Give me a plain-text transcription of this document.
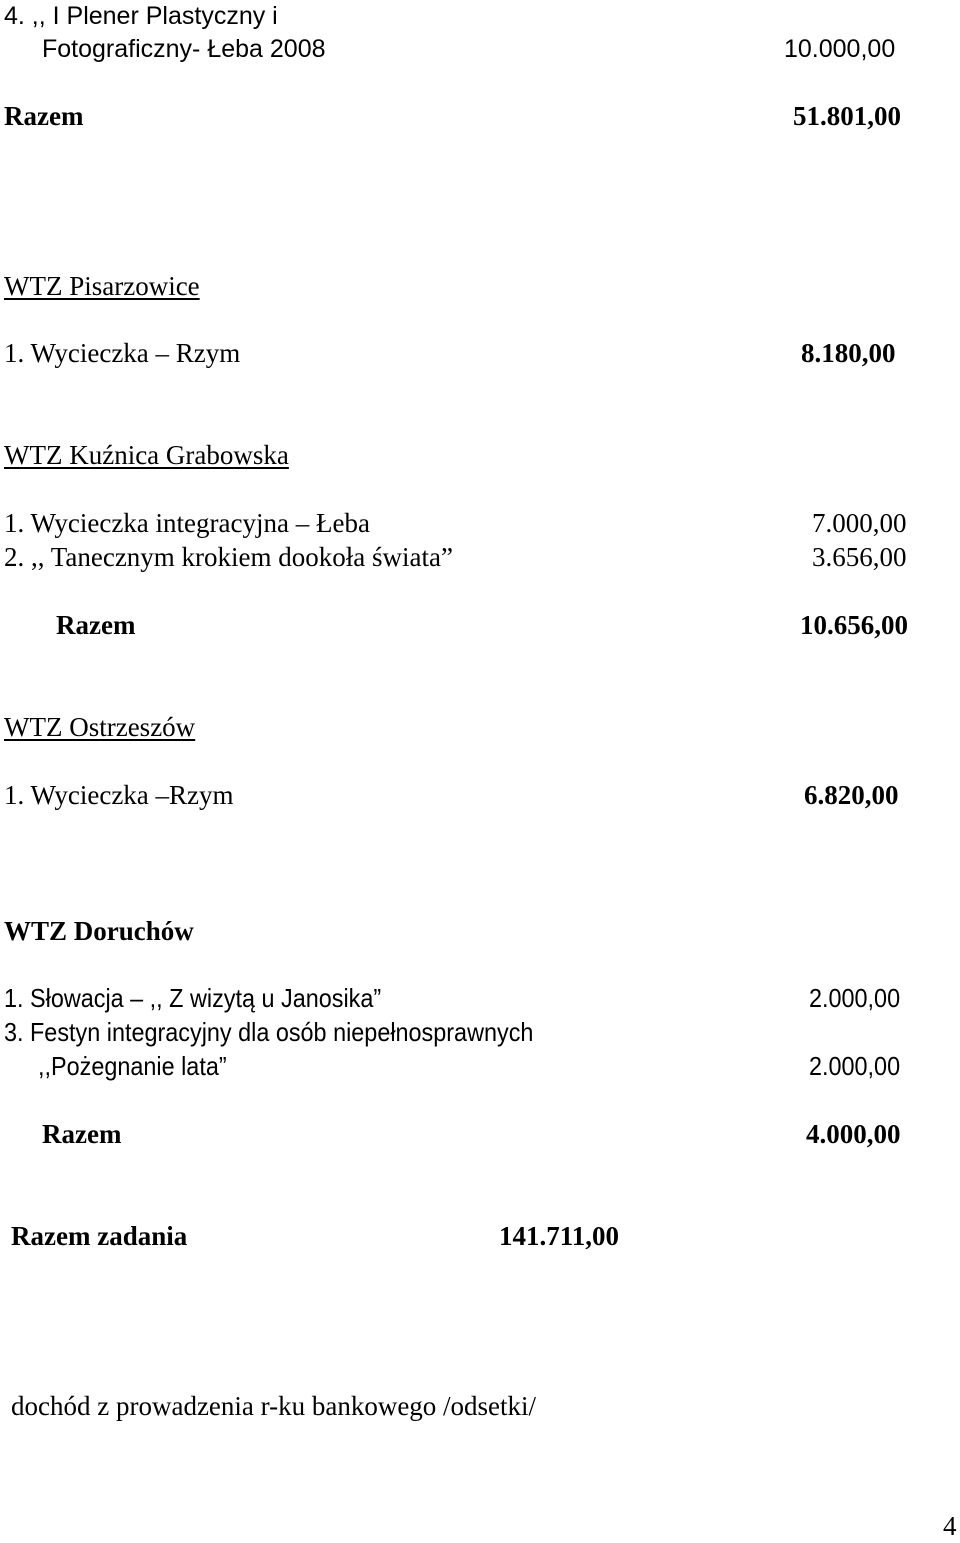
4. ,, I Plener Plastyczny i
Fotograficzny- Łeba 2008	10.000,00
Razem	51.801,00
WTZ Pisarzowice
1. Wycieczka – Rzym	8.180,00
WTZ Kuźnica Grabowska
1. Wycieczka integracyjna – Łeba	7.000,00
2. ,, Tanecznym krokiem dookoła świata”	3.656,00
Razem	10.656,00
WTZ Ostrzeszów
1. Wycieczka –Rzym	6.820,00
WTZ Doruchów
1. Słowacja – ,, Z wizytą u Janosika”	2.000,00
3. Festyn integracyjny dla osób niepełnosprawnych
,,Pożegnanie lata”	2.000,00
Razem	4.000,00
Razem zadania	141.711,00
dochód z prowadzenia r-ku bankowego /odsetki/
4
